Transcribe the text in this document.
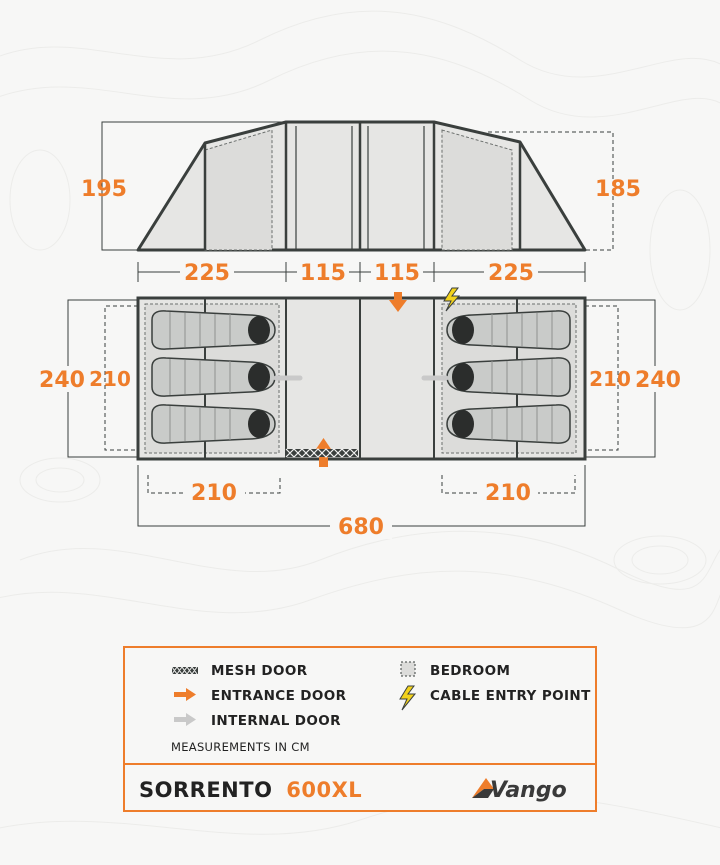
195	185
225	115 115	225
240 210	210 240
210	210
680
MESH DOOR
ENTRANCE DOOR
INTERNAL DOOR
MEASUREMENTS IN CM
BEDROOM
CABLE ENTRY POINT
SORRENTO 600XL	Vango
